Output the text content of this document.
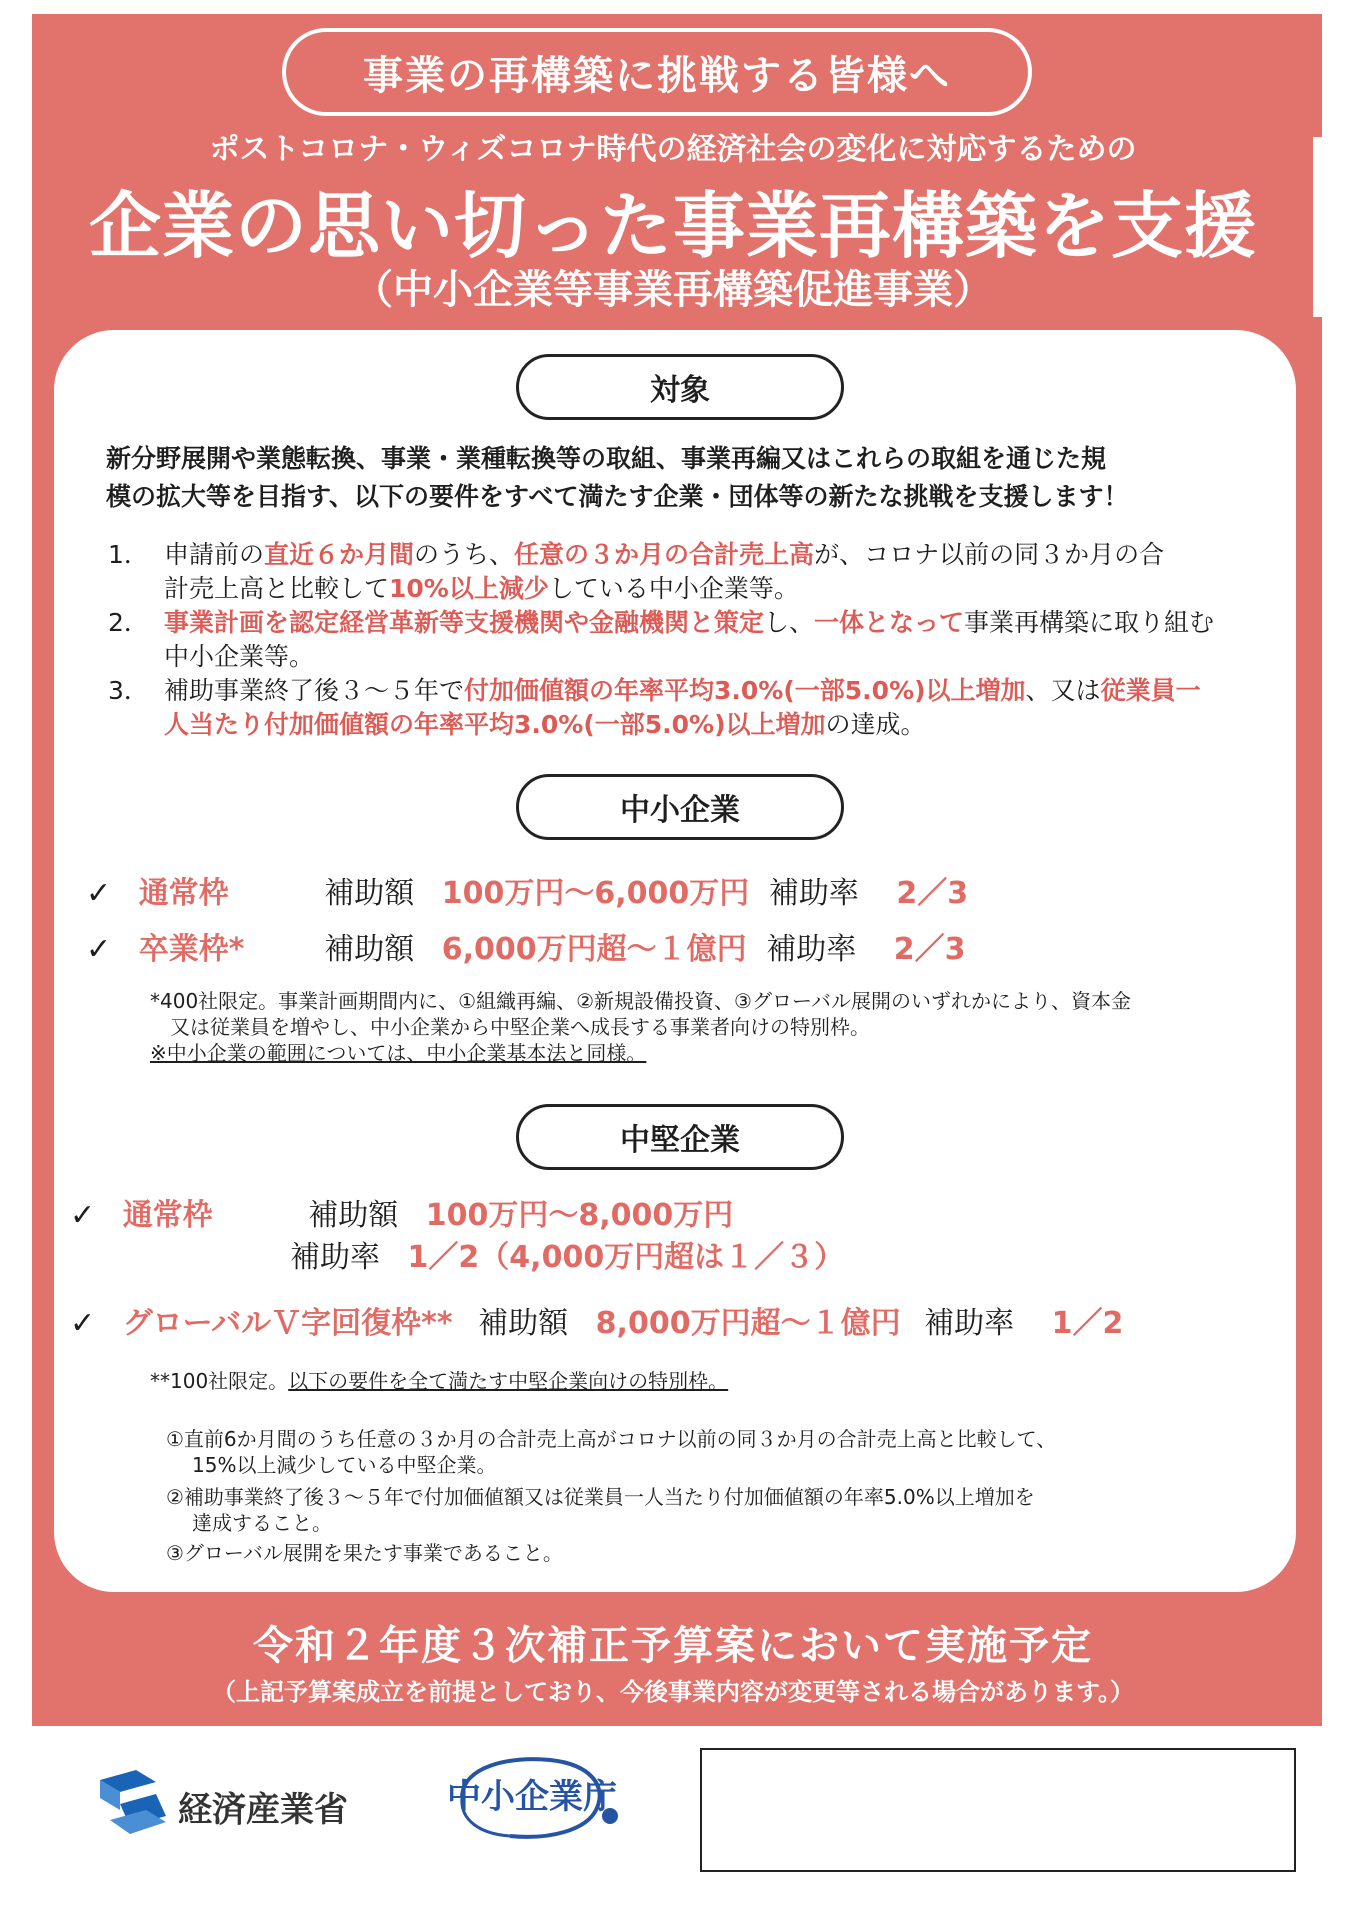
事業の再構築に挑戦する皆様へ
ポストコロナ・ウィズコロナ時代の経済社会の変化に対応するための
企業の思い切った事業再構築を支援
（中小企業等事業再構築促進事業）
対象
新分野展開や業態転換、事業・業種転換等の取組、事業再編又はこれらの取組を通じた規
模の拡大等を目指す、以下の要件をすべて満たす企業・団体等の新たな挑戦を支援します！
1． 申請前の直近６か月間のうち、任意の３か月の合計売上高が、コロナ以前の同３か月の合計売上高と比較して10%以上減少している中小企業等。
2． 事業計画を認定経営革新等支援機関や金融機関と策定し、一体となって事業再構築に取り組む中小企業等。
3． 補助事業終了後３～５年で付加価値額の年率平均3.0%(一部5.0%)以上増加、又は従業員一人当たり付加価値額の年率平均3.0%(一部5.0%)以上増加の達成。
中小企業
✓ 通常枠	補助額 100万円～6,000万円 補助率 2／3
✓ 卒業枠*	補助額 6,000万円超～１億円 補助率 2／3
*400社限定。事業計画期間内に、①組織再編、②新規設備投資、③グローバル展開のいずれかにより、資本金
又は従業員を増やし、中小企業から中堅企業へ成長する事業者向けの特別枠。
※中小企業の範囲については、中小企業基本法と同様。
中堅企業
✓ 通常枠	補助額 100万円～8,000万円
補助率 1／2（4,000万円超は１／３）
✓ グローバルＶ字回復枠** 補助額 8,000万円超～１億円 補助率 1／2
**100社限定。以下の要件を全て満たす中堅企業向けの特別枠。
①直前6か月間のうち任意の３か月の合計売上高がコロナ以前の同３か月の合計売上高と比較して、
15%以上減少している中堅企業。
②補助事業終了後３～５年で付加価値額又は従業員一人当たり付加価値額の年率5.0%以上増加を
達成すること。
③グローバル展開を果たす事業であること。
令和２年度３次補正予算案において実施予定
（上記予算案成立を前提としており、今後事業内容が変更等される場合があります。）
経済産業省	中小企業庁
